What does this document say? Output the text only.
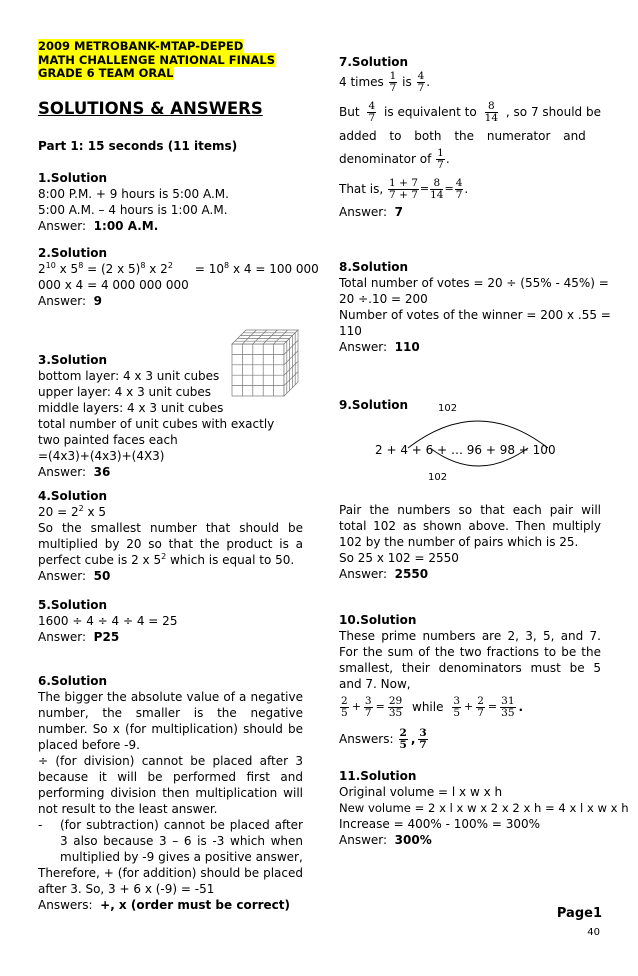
2009 METROBANK-MTAP-DEPED
MATH CHALLENGE NATIONAL FINALS
GRADE 6 TEAM ORAL
SOLUTIONS & ANSWERS
Part 1: 15 seconds (11 items)
1.Solution
8:00 P.M. + 9 hours is 5:00 A.M.
5:00 A.M. – 4 hours is 1:00 A.M.
Answer: 1:00 A.M.
2.Solution
$2^{10}$ x $5^8 = (2$ x 5)$^8$ x $2^2 = 10^8$ x 4 = 100 000
000 x 4 = 4 000 000 000
Answer: 9
3.Solution
bottom layer: 4 x 3 unit cubes
upper layer: 4 x 3 unit cubes
middle layers: 4 x 3 unit cubes
total number of unit cubes with exactly
two painted faces each
=(4x3)+(4x3)+(4X3)
Answer: 36
4.Solution
$20 = 2^2$ x 5
So the smallest number that should be multiplied by 20 so that the product is a perfect cube is 2 x $5^2$ which is equal to 50.
Answer: 50
5.Solution
1600 ÷ 4 ÷ 4 ÷ 4 = 25
Answer: P25
6.Solution
The bigger the absolute value of a negative number, the smaller is the negative number. So x (for multiplication) should be placed before -9.
÷ (for division) cannot be placed after 3 because it will be performed first and performing division then multiplication will not result to the least answer.
-	(for subtraction) cannot be placed after 3 also because 3 – 6 is -3 which when multiplied by -9 gives a positive answer,
Therefore, + (for addition) should be placed after 3. So, 3 + 6 x (-9) = -51
Answers: +, x (order must be correct)
7.Solution
4 times
$\frac{1}{7}$
is
$\frac{4}{7}$ .
But $\frac{4}{7}$ is equivalent to $\frac{8}{14}$ , so 7 should be
added to both the numerator and
denominator of
$\frac{1}{7}$ .
That is,
$\frac{1 + 7}{7 + 7} = \frac{8}{14} = \frac{4}{7}$ .
Answer: 7
8.Solution
Total number of votes = 20 ÷ (55% - 45%) =
20 ÷.10 = 200
Number of votes of the winner = 200 x .55 =
110
Answer: 110
9.Solution	102
2 + 4 + 6 + … 96 + 98 + 100
102
Pair the numbers so that each pair will total 102 as shown above. Then multiply 102 by the number of pairs which is 25.
So 25 x 102 = 2550
Answer: 2550
10.Solution
These prime numbers are 2, 3, 5, and 7. For the sum of the two fractions to be the smallest, their denominators must be 5 and 7. Now,
$\frac{2}{5} + \frac{3}{7} = \frac{29}{35}$
while
$\frac{3}{5} + \frac{2}{7} = \frac{31}{35}$ .
Answers: $\frac{2}{5}$ , $\frac{3}{7}$
11.Solution
Original volume = l x w x h
New volume = 2 x l x w x 2 x 2 x h = 4 x l x w x h
Increase = 400% - 100% = 300%
Answer: 300%
Page1
40
